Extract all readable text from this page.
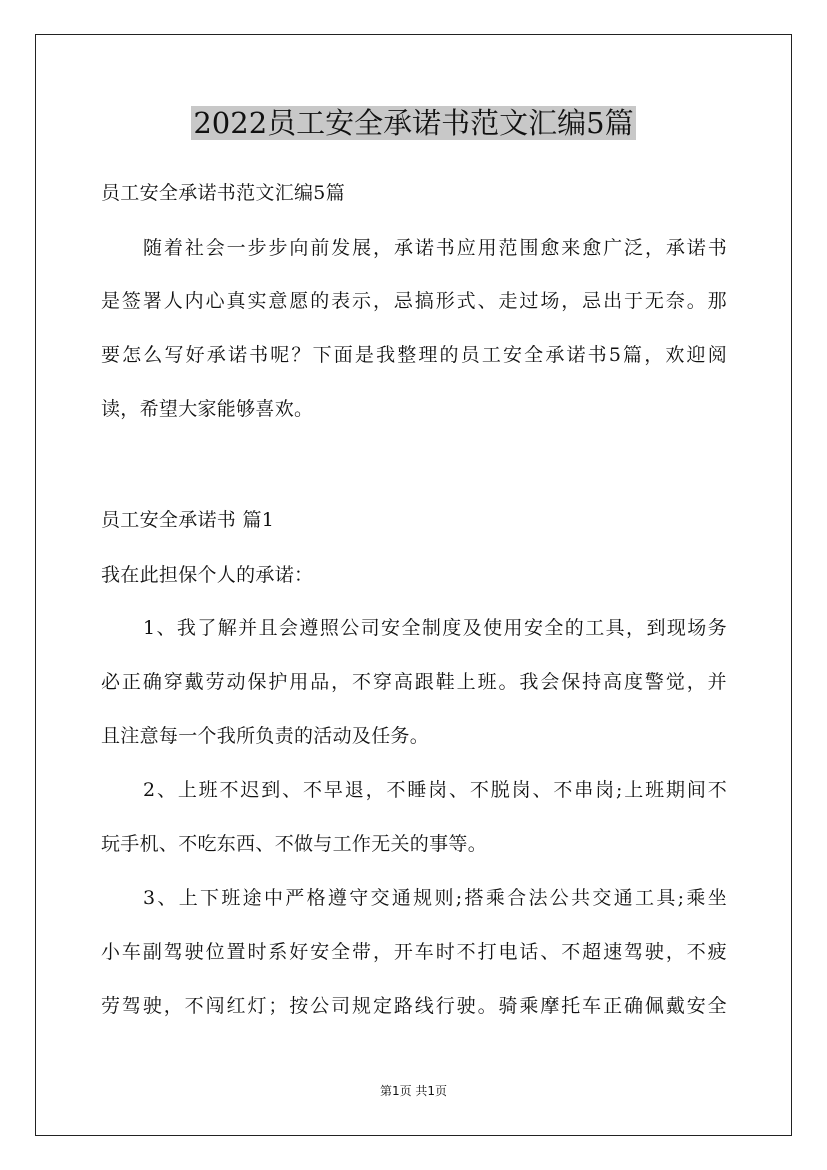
2022员工安全承诺书范文汇编5篇
员工安全承诺书范文汇编5篇
随着社会一步步向前发展，承诺书应用范围愈来愈广泛，承诺书
是签署人内心真实意愿的表示，忌搞形式、走过场，忌出于无奈。那
要怎么写好承诺书呢？下面是我整理的员工安全承诺书5篇，欢迎阅
读，希望大家能够喜欢。
员工安全承诺书 篇1
我在此担保个人的承诺：
1、我了解并且会遵照公司安全制度及使用安全的工具，到现场务
必正确穿戴劳动保护用品，不穿高跟鞋上班。我会保持高度警觉，并
且注意每一个我所负责的活动及任务。
2、上班不迟到、不早退，不睡岗、不脱岗、不串岗;上班期间不
玩手机、不吃东西、不做与工作无关的事等。
3、上下班途中严格遵守交通规则;搭乘合法公共交通工具;乘坐
小车副驾驶位置时系好安全带，开车时不打电话、不超速驾驶，不疲
劳驾驶，不闯红灯；按公司规定路线行驶。骑乘摩托车正确佩戴安全
第1页 共1页
